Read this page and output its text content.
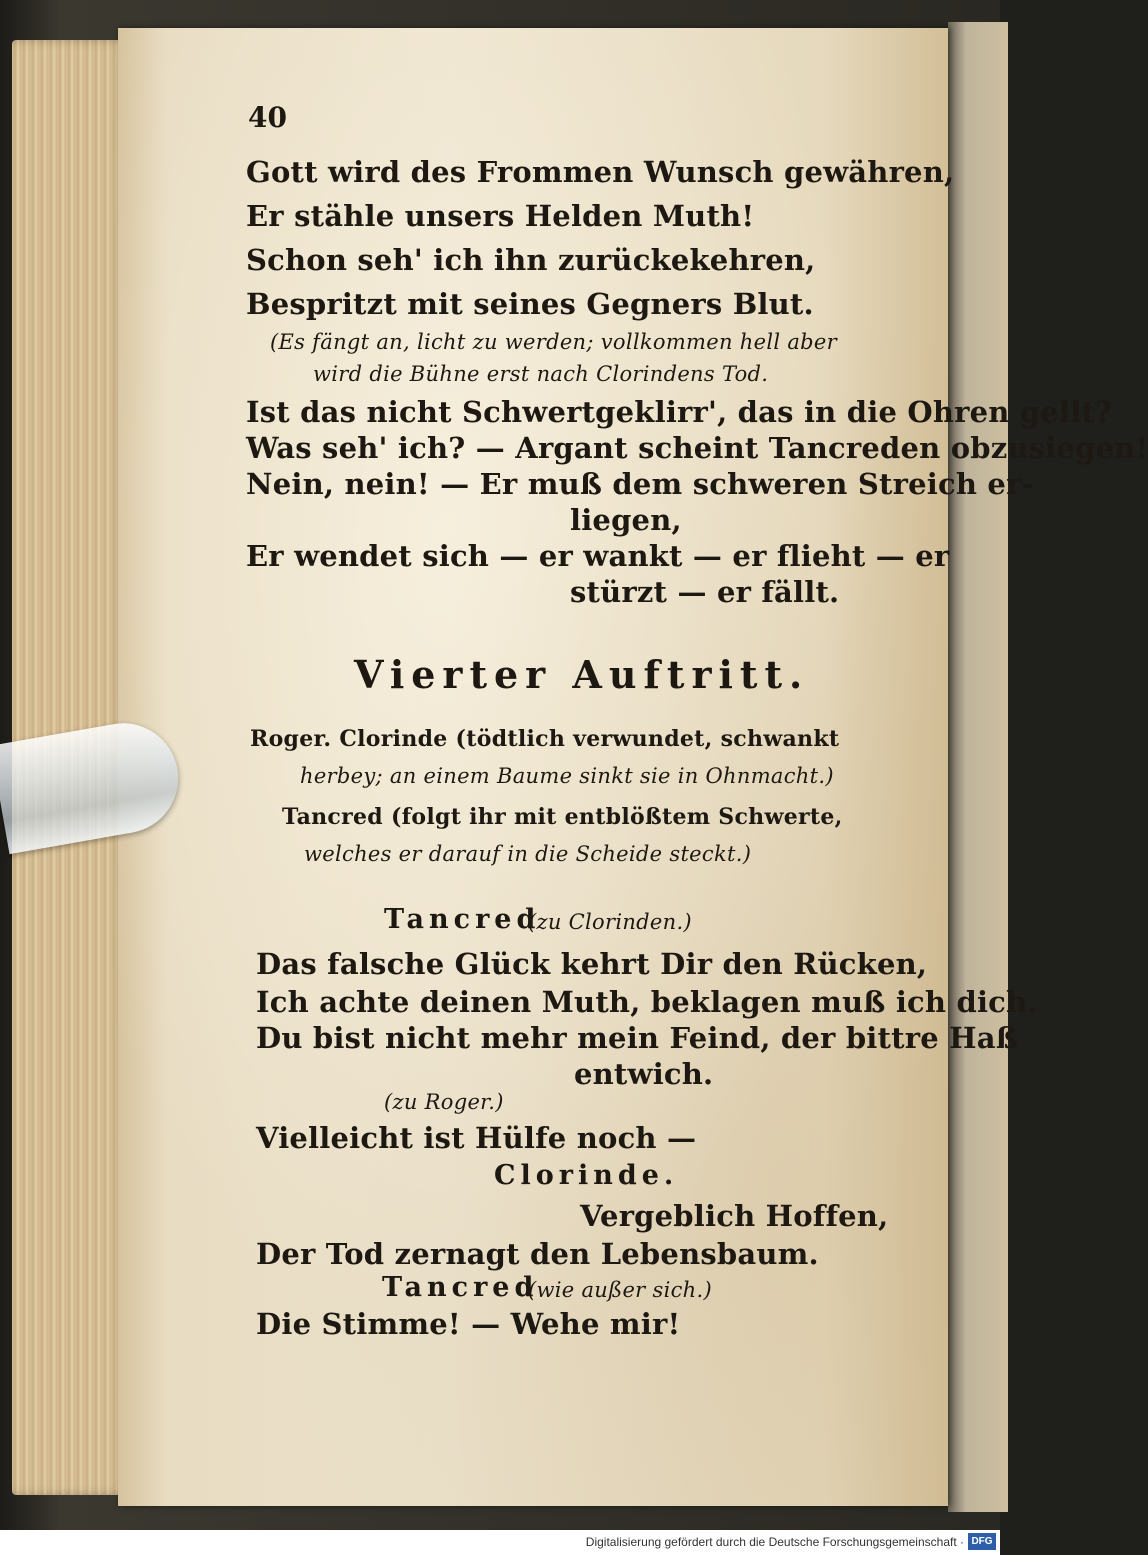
40
Gott wird des Frommen Wunsch gewähren,
Er stähle unsers Helden Muth!
Schon seh' ich ihn zurückekehren,
Bespritzt mit seines Gegners Blut.
(Es fängt an, licht zu werden; vollkommen hell aber
wird die Bühne erst nach Clorindens Tod.
Ist das nicht Schwertgeklirr', das in die Ohren gellt?
Was seh' ich? — Argant scheint Tancreden obzusiegen!
Nein, nein! — Er muß dem schweren Streich er-
liegen,
Er wendet sich — er wankt — er flieht — er
stürzt — er fällt.
Vierter Auftritt.
Roger. Clorinde (tödtlich verwundet, schwankt
herbey; an einem Baume sinkt sie in Ohnmacht.)
Tancred (folgt ihr mit entblößtem Schwerte,
welches er darauf in die Scheide steckt.)
Tancred
(zu Clorinden.)
Das falsche Glück kehrt Dir den Rücken,
Ich achte deinen Muth, beklagen muß ich dich.
Du bist nicht mehr mein Feind, der bittre Haß
entwich.
(zu Roger.)
Vielleicht ist Hülfe noch —
Clorinde.
Vergeblich Hoffen,
Der Tod zernagt den Lebensbaum.
Tancred
(wie außer sich.)
Die Stimme! — Wehe mir!
Digitalisierung gefördert durch die Deutsche Forschungsgemeinschaft · DFG
